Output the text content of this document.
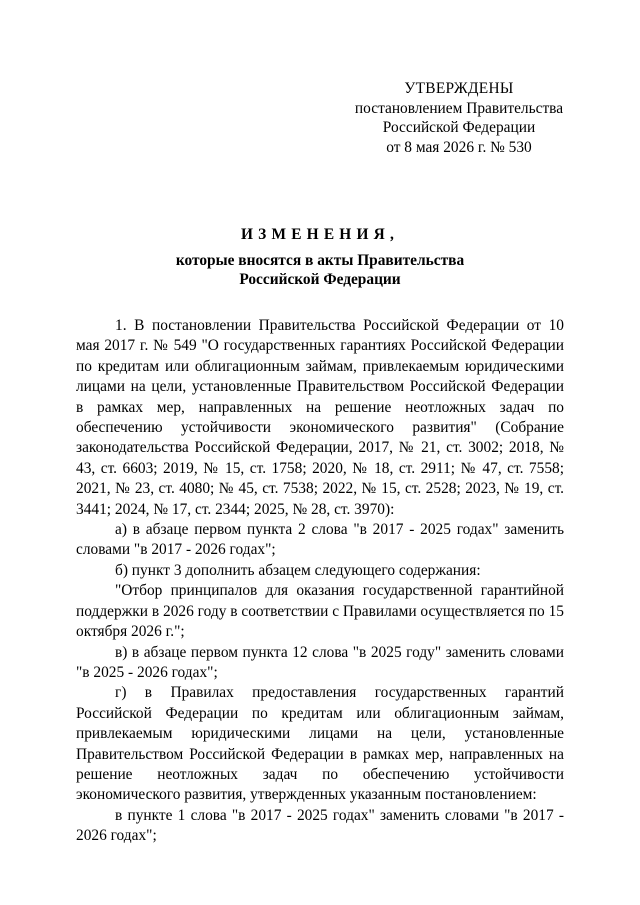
УТВЕРЖДЕНЫ
постановлением Правительства
Российской Федерации
от 8 мая 2026 г. № 530
ИЗМЕНЕНИЯ,
которые вносятся в акты Правительства
Российской Федерации

1. В постановлении Правительства Российской Федерации от 10 мая 2017 г. № 549 "О государственных гарантиях Российской Федерации по кредитам или облигационным займам, привлекаемым юридическими лицами на цели, установленные Правительством Российской Федерации в рамках мер, направленных на решение неотложных задач по обеспечению устойчивости экономического развития" (Собрание законодательства Российской Федерации, 2017, № 21, ст. 3002; 2018, № 43, ст. 6603; 2019, № 15, ст. 1758; 2020, № 18, ст. 2911; № 47, ст. 7558; 2021, № 23, ст. 4080; № 45, ст. 7538; 2022, № 15, ст. 2528; 2023, № 19, ст. 3441; 2024, № 17, ст. 2344; 2025, № 28, ст. 3970):

а) в абзаце первом пункта 2 слова "в 2017 - 2025 годах" заменить словами "в 2017 - 2026 годах";

б) пункт 3 дополнить абзацем следующего содержания:

"Отбор принципалов для оказания государственной гарантийной поддержки в 2026 году в соответствии с Правилами осуществляется по 15 октября 2026 г.";

в) в абзаце первом пункта 12 слова "в 2025 году" заменить словами "в 2025 - 2026 годах";

г) в Правилах предоставления государственных гарантий Российской Федерации по кредитам или облигационным займам, привлекаемым юридическими лицами на цели, установленные Правительством Российской Федерации в рамках мер, направленных на решение неотложных задач по обеспечению устойчивости экономического развития, утвержденных указанным постановлением:

в пункте 1 слова "в 2017 - 2025 годах" заменить словами "в 2017 - 2026 годах";
